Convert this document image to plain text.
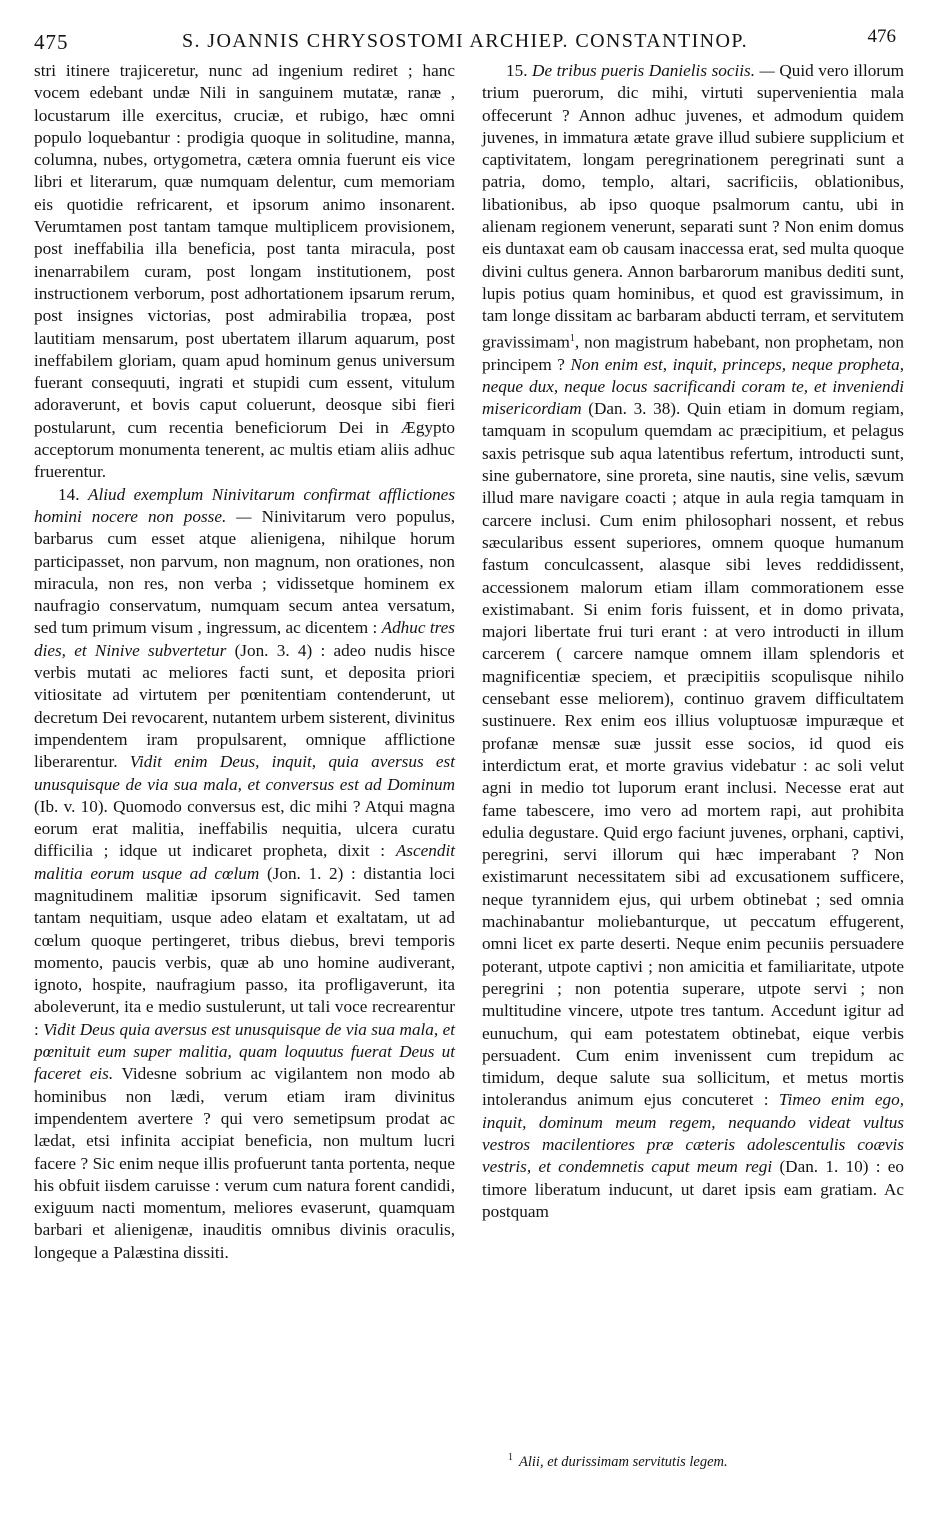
475	S. JOANNIS CHRYSOSTOMI ARCHIEP. CONSTANTINOP.	476

stri itinere trajiceretur, nunc ad ingenium rediret ; hanc vocem edebant undæ Nili in sanguinem mutatæ, ranæ , locustarum ille exercitus, cruciæ, et rubigo, hæc omni populo loquebantur : prodigia quoque in solitudine, manna, columna, nubes, ortygometra, cætera omnia fuerunt eis vice libri et literarum, quæ numquam delentur, cum memoriam eis quotidie refricarent, et ipsorum animo insonarent. Verumtamen post tantam tamque multiplicem provisionem, post ineffabilia illa beneficia, post tanta miracula, post inenarrabilem curam, post longam institutionem, post instructionem verborum, post adhortationem ipsarum rerum, post insignes victorias, post admirabilia tropæa, post lautitiam mensarum, post ubertatem illarum aquarum, post ineffabilem gloriam, quam apud hominum genus universum fuerant consequuti, ingrati et stupidi cum essent, vitulum adoraverunt, et bovis caput coluerunt, deosque sibi fieri postularunt, cum recentia beneficiorum Dei in Ægypto acceptorum monumenta tenerent, ac multis etiam aliis adhuc fruerentur.

14. Aliud exemplum Ninivitarum confirmat afflictiones homini nocere non posse. — Ninivitarum vero populus, barbarus cum esset atque alienigena, nihilque horum participasset, non parvum, non magnum, non orationes, non miracula, non res, non verba ; vidissetque hominem ex naufragio conservatum, numquam secum antea versatum, sed tum primum visum , ingressum, ac dicentem : Adhuc tres dies, et Ninive subvertetur (Jon. 3. 4) : adeo nudis hisce verbis mutati ac meliores facti sunt, et deposita priori vitiositate ad virtutem per pœnitentiam contenderunt, ut decretum Dei revocarent, nutantem urbem sisterent, divinitus impendentem iram propulsarent, omnique afflictione liberarentur. Vidit enim Deus, inquit, quia aversus est unusquisque de via sua mala, et conversus est ad Dominum (Ib. v. 10). Quomodo conversus est, dic mihi ? Atqui magna eorum erat malitia, ineffabilis nequitia, ulcera curatu difficilia ; idque ut indicaret propheta, dixit : Ascendit malitia eorum usque ad cœlum (Jon. 1. 2) : distantia loci magnitudinem malitiæ ipsorum significavit. Sed tamen tantam nequitiam, usque adeo elatam et exaltatam, ut ad cœlum quoque pertingeret, tribus diebus, brevi temporis momento, paucis verbis, quæ ab uno homine audiverant, ignoto, hospite, naufragium passo, ita profligaverunt, ita aboleverunt, ita e medio sustulerunt, ut tali voce recrearentur : Vidit Deus quia aversus est unusquisque de via sua mala, et pœnituit eum super malitia, quam loquutus fuerat Deus ut faceret eis. Videsne sobrium ac vigilantem non modo ab hominibus non lædi, verum etiam iram divinitus impendentem avertere ? qui vero semetipsum prodat ac lædat, etsi infinita accipiat beneficia, non multum lucri facere ? Sic enim neque illis profuerunt tanta portenta, neque his obfuit iisdem caruisse : verum cum natura forent candidi, exiguum nacti momentum, meliores evaserunt, quamquam barbari et alienigenæ, inauditis omnibus divinis oraculis, longeque a Palæstina dissiti.

15. De tribus pueris Danielis sociis. — Quid vero illorum trium puerorum, dic mihi, virtuti supervenientia mala offecerunt ? Annon adhuc juvenes, et admodum quidem juvenes, in immatura ætate grave illud subiere supplicium et captivitatem, longam peregrinationem peregrinati sunt a patria, domo, templo, altari, sacrificiis, oblationibus, libationibus, ab ipso quoque psalmorum cantu, ubi in alienam regionem venerunt, separati sunt ? Non enim domus eis duntaxat eam ob causam inaccessa erat, sed multa quoque divini cultus genera. Annon barbarorum manibus dediti sunt, lupis potius quam hominibus, et quod est gravissimum, in tam longe dissitam ac barbaram abducti terram, et servitutem gravissimam$^1$, non magistrum habebant, non prophetam, non principem ? Non enim est, inquit, princeps, neque propheta, neque dux, neque locus sacrificandi coram te, et inveniendi misericordiam (Dan. 3. 38). Quin etiam in domum regiam, tamquam in scopulum quemdam ac præcipitium, et pelagus saxis petrisque sub aqua latentibus refertum, introducti sunt, sine gubernatore, sine proreta, sine nautis, sine velis, sævum illud mare navigare coacti ; atque in aula regia tamquam in carcere inclusi. Cum enim philosophari nossent, et rebus sæcularibus essent superiores, omnem quoque humanum fastum conculcassent, alasque sibi leves reddidissent, accessionem malorum etiam illam commorationem esse existimabant. Si enim foris fuissent, et in domo privata, majori libertate frui turi erant : at vero introducti in illum carcerem ( carcere namque omnem illam splendoris et magnificentiæ speciem, et præcipitiis scopulisque nihilo censebant esse meliorem), continuo gravem difficultatem sustinuere. Rex enim eos illius voluptuosæ impuræque et profanæ mensæ suæ jussit esse socios, id quod eis interdictum erat, et morte gravius videbatur : ac soli velut agni in medio tot luporum erant inclusi. Necesse erat aut fame tabescere, imo vero ad mortem rapi, aut prohibita edulia degustare. Quid ergo faciunt juvenes, orphani, captivi, peregrini, servi illorum qui hæc imperabant ? Non existimarunt necessitatem sibi ad excusationem sufficere, neque tyrannidem ejus, qui urbem obtinebat ; sed omnia machinabantur moliebanturque, ut peccatum effugerent, omni licet ex parte deserti. Neque enim pecuniis persuadere poterant, utpote captivi ; non amicitia et familiaritate, utpote peregrini ; non potentia superare, utpote servi ; non multitudine vincere, utpote tres tantum. Accedunt igitur ad eunuchum, qui eam potestatem obtinebat, eique verbis persuadent. Cum enim invenissent cum trepidum ac timidum, deque salute sua sollicitum, et metus mortis intolerandus animum ejus concuteret : Timeo enim ego, inquit, dominum meum regem, nequando videat vultus vestros macilentiores præ cæteris adolescentulis coævis vestris, et condemnetis caput meum regi (Dan. 1. 10) : eo timore liberatum inducunt, ut daret ipsis eam gratiam. Ac postquam

$^1$ Alii, et durissimam servitutis legem.
